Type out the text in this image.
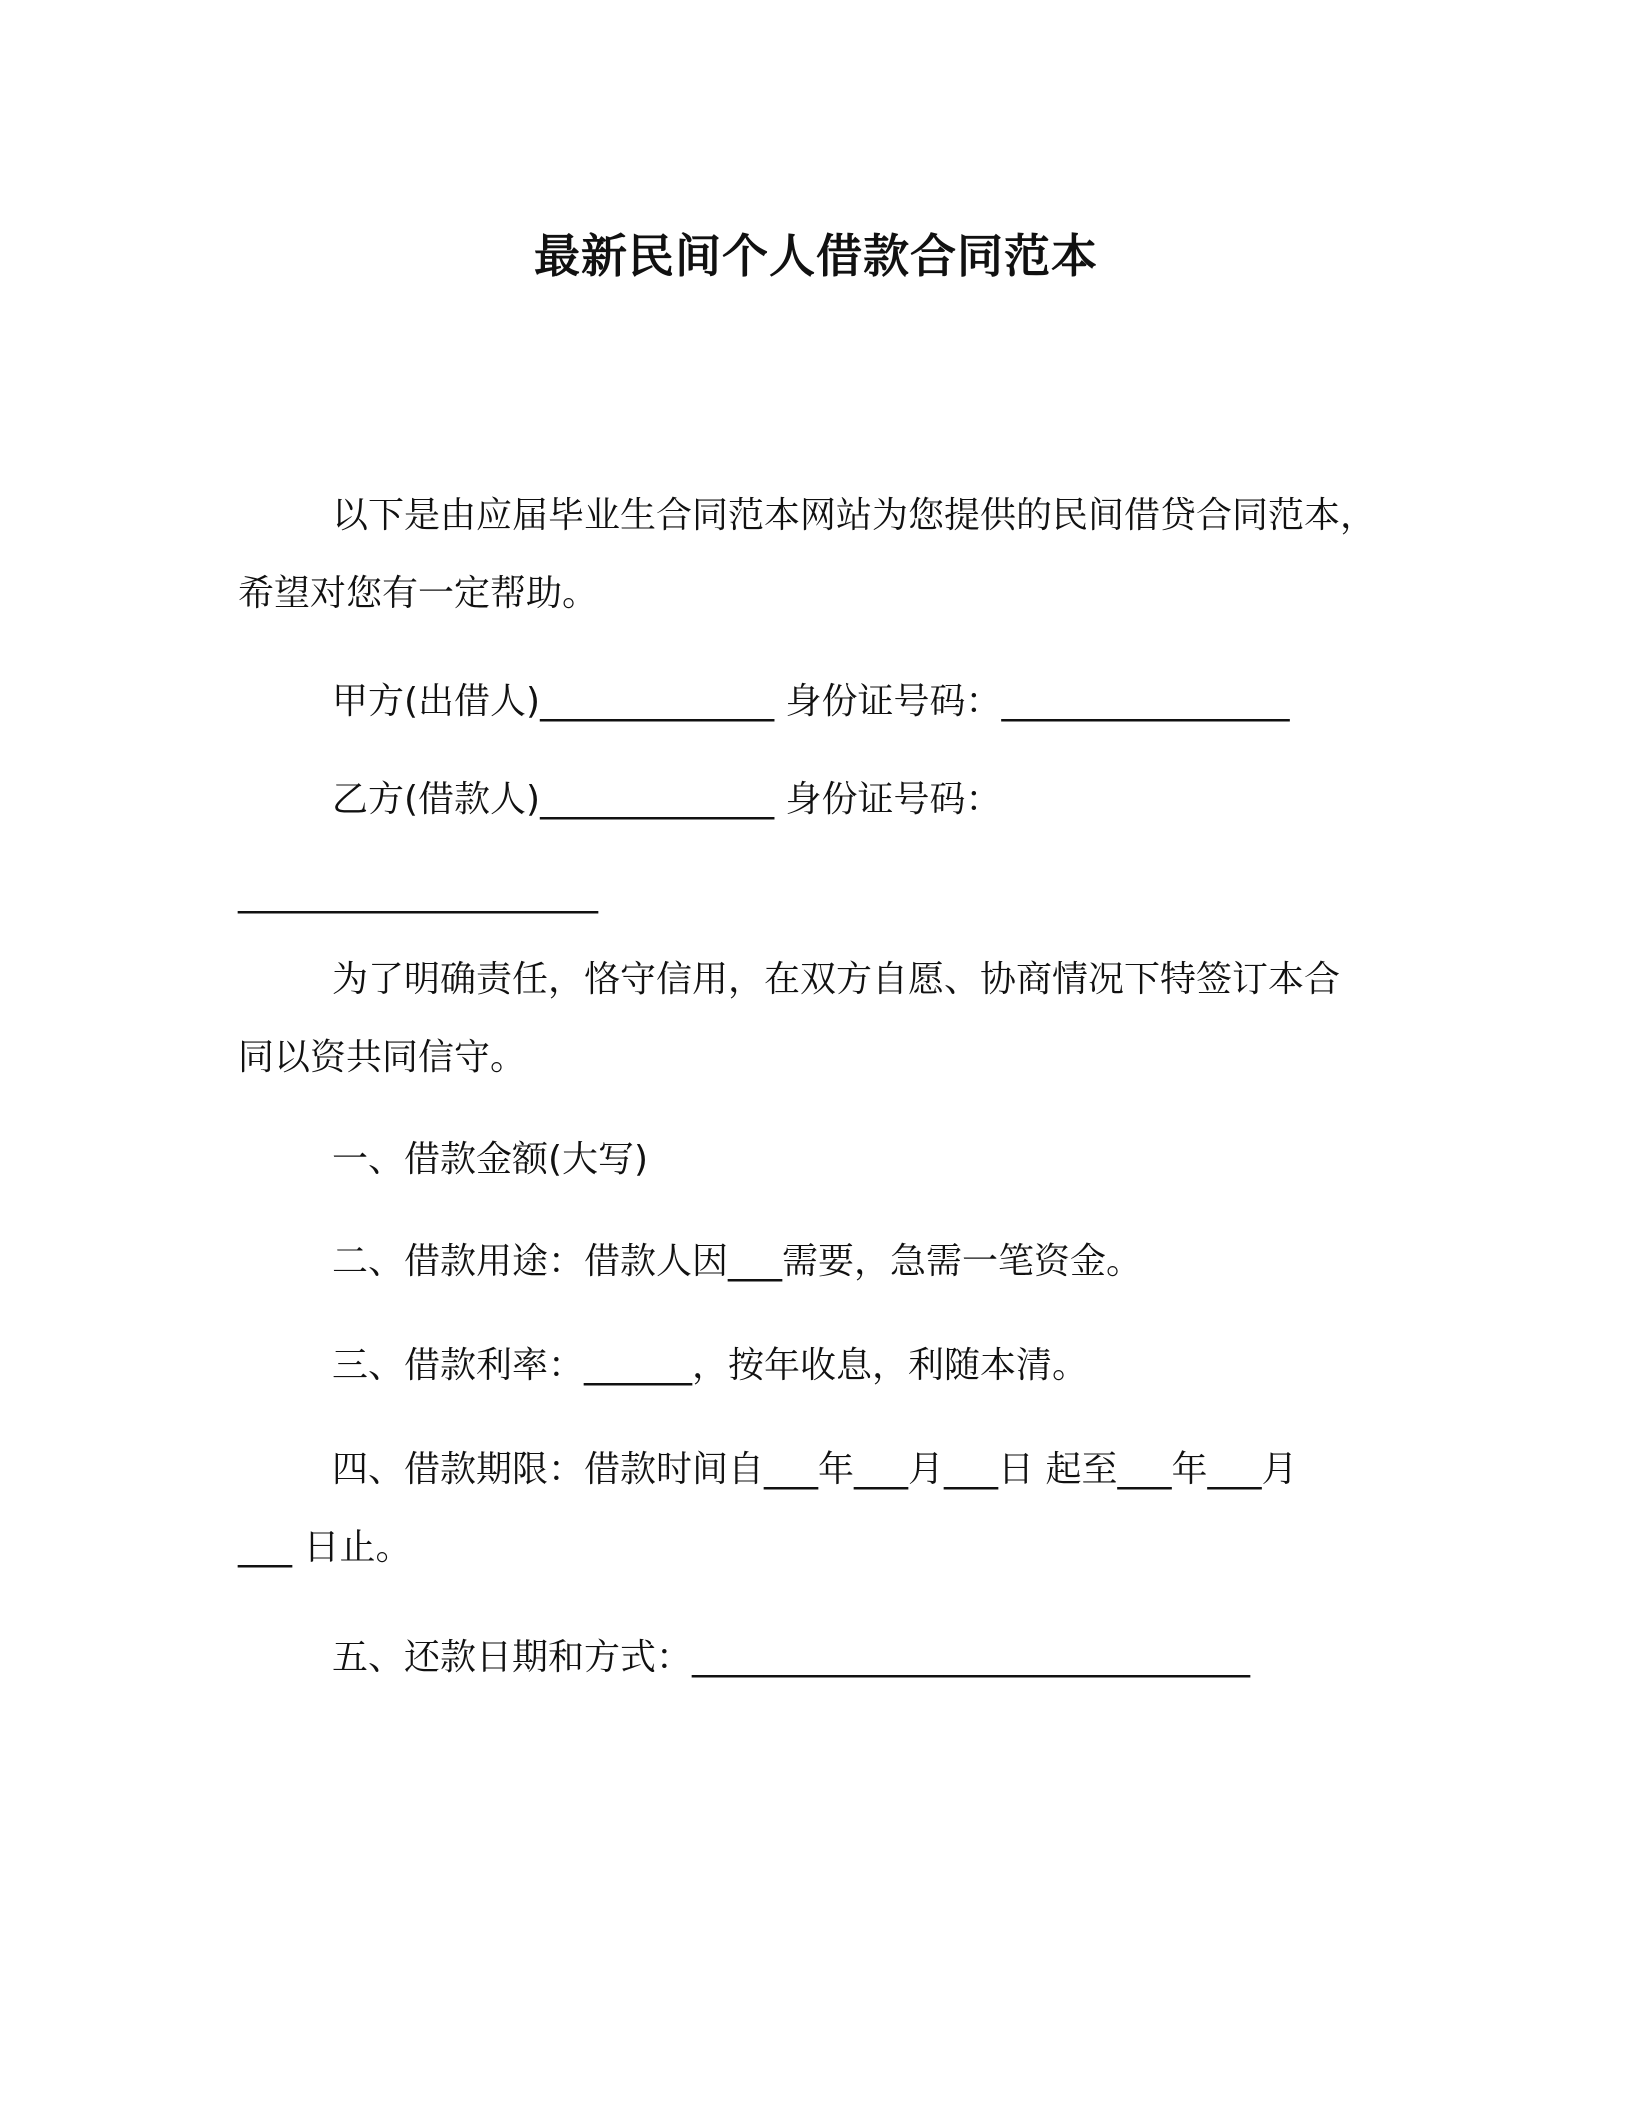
最新民间个人借款合同范本
以下是由应届毕业生合同范本网站为您提供的民间借贷合同范本，
希望对您有一定帮助。
甲方(出借人)_____________ 身份证号码：________________
乙方(借款人)_____________ 身份证号码：
____________________
为了明确责任，恪守信用，在双方自愿、协商情况下特签订本合
同以资共同信守。
一、借款金额(大写)
二、借款用途：借款人因___需要，急需一笔资金。
三、借款利率：______，按年收息，利随本清。
四、借款期限：借款时间自___年___月___日 起至___年___月
___ 日止。
五、还款日期和方式：_______________________________
